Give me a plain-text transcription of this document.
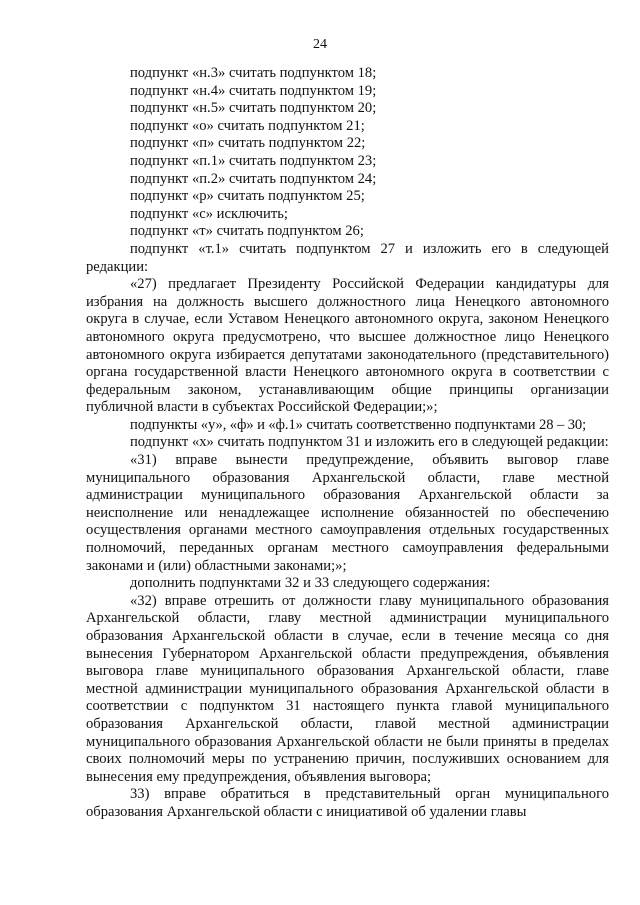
24

подпункт «н.3» считать подпунктом 18;

подпункт «н.4» считать подпунктом 19;

подпункт «н.5» считать подпунктом 20;

подпункт «о» считать подпунктом 21;

подпункт «п» считать подпунктом 22;

подпункт «п.1» считать подпунктом 23;

подпункт «п.2» считать подпунктом 24;

подпункт «р» считать подпунктом 25;

подпункт «с» исключить;

подпункт «т» считать подпунктом 26;

подпункт «т.1» считать подпунктом 27 и изложить его в следующей редакции:

«27) предлагает Президенту Российской Федерации кандидатуры для избрания на должность высшего должностного лица Ненецкого автономного округа в случае, если Уставом Ненецкого автономного округа, законом Ненецкого автономного округа предусмотрено, что высшее должностное лицо Ненецкого автономного округа избирается депутатами законодательного (представительного) органа государственной власти Ненецкого автономного округа в соответствии с федеральным законом, устанавливающим общие принципы организации публичной власти в субъектах Российской Федерации;»;

подпункты «у», «ф» и «ф.1» считать соответственно подпунктами 28 – 30;

подпункт «х» считать подпунктом 31 и изложить его в следующей редакции:

«31) вправе вынести предупреждение, объявить выговор главе муниципального образования Архангельской области, главе местной администрации муниципального образования Архангельской области за неисполнение или ненадлежащее исполнение обязанностей по обеспечению осуществления органами местного самоуправления отдельных государственных полномочий, переданных органам местного самоуправления федеральными законами и (или) областными законами;»;

дополнить подпунктами 32 и 33 следующего содержания:

«32) вправе отрешить от должности главу муниципального образования Архангельской области, главу местной администрации муниципального образования Архангельской области в случае, если в течение месяца со дня вынесения Губернатором Архангельской области предупреждения, объявления выговора главе муниципального образования Архангельской области, главе местной администрации муниципального образования Архангельской области в соответствии с подпунктом 31 настоящего пункта главой муниципального образования Архангельской области, главой местной администрации муниципального образования Архангельской области не были приняты в пределах своих полномочий меры по устранению причин, послуживших основанием для вынесения ему предупреждения, объявления выговора;

33) вправе обратиться в представительный орган муниципального образования Архангельской области с инициативой об удалении главы
